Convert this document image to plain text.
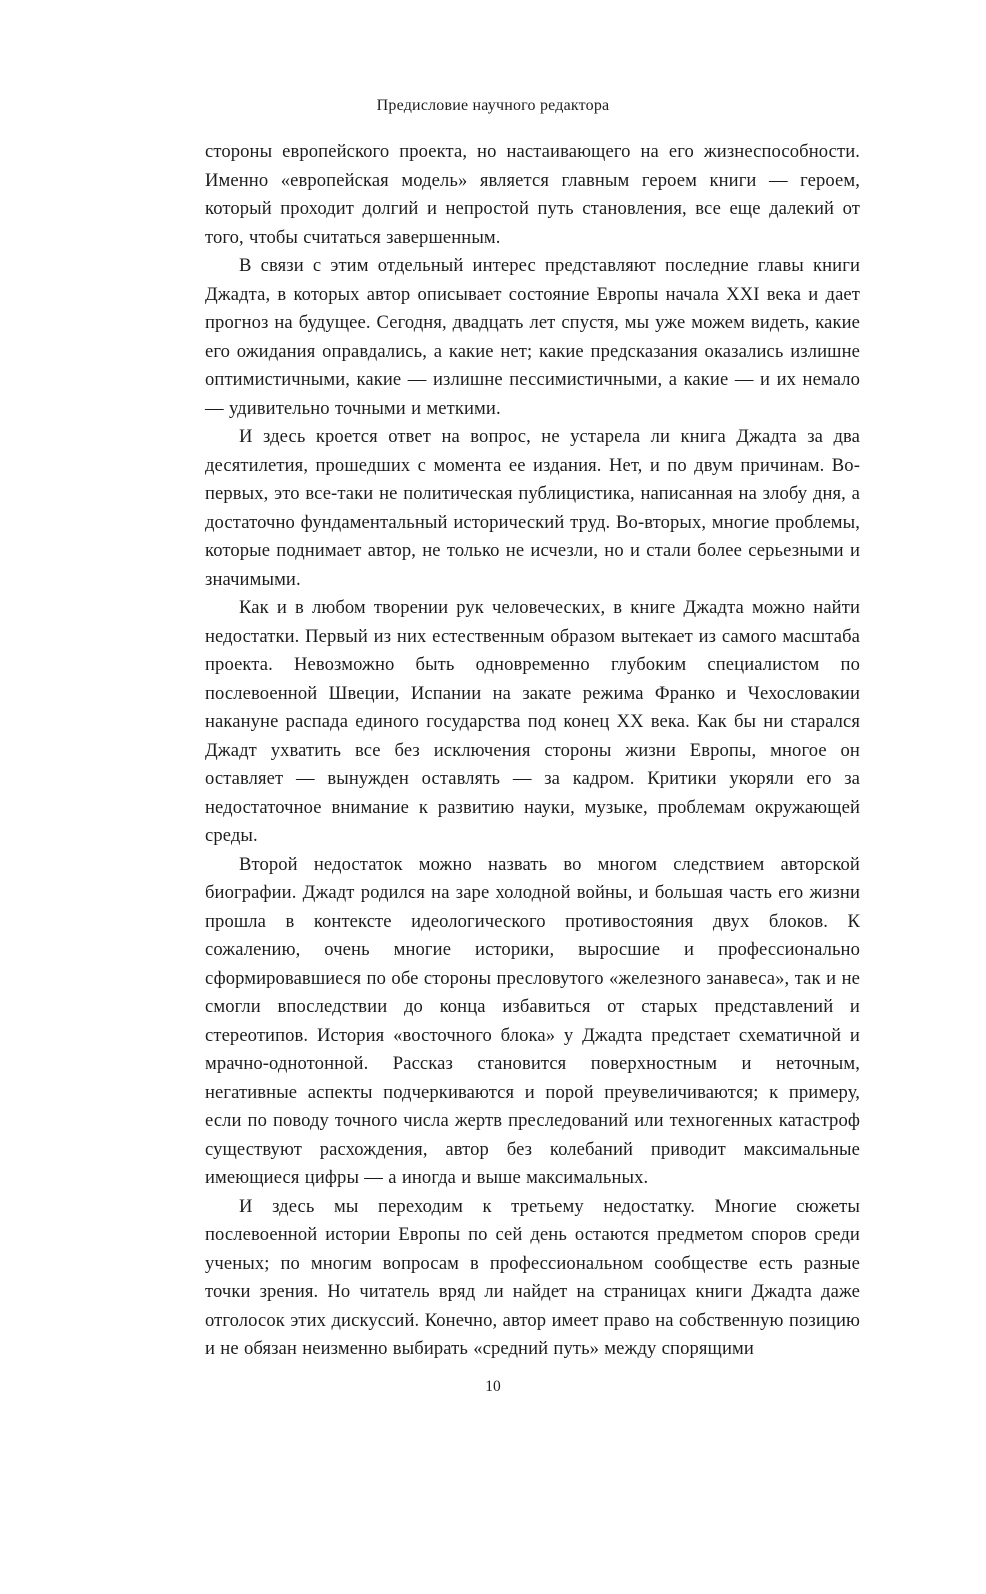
Предисловие научного редактора

стороны европейского проекта, но настаивающего на его жизнеспособности. Именно «европейская модель» является главным героем книги — героем, который проходит долгий и непростой путь становления, все еще далекий от того, чтобы считаться завершенным.

В связи с этим отдельный интерес представляют последние главы книги Джадта, в которых автор описывает состояние Европы начала XXI века и дает прогноз на будущее. Сегодня, двадцать лет спустя, мы уже можем видеть, какие его ожидания оправдались, а какие нет; какие предсказания оказались излишне оптимистичными, какие — излишне пессимистичными, а какие — и их немало — удивительно точными и меткими.

И здесь кроется ответ на вопрос, не устарела ли книга Джадта за два десятилетия, прошедших с момента ее издания. Нет, и по двум причинам. Во-первых, это все-таки не политическая публицистика, написанная на злобу дня, а достаточно фундаментальный исторический труд. Во-вторых, многие проблемы, которые поднимает автор, не только не исчезли, но и стали более серьезными и значимыми.

Как и в любом творении рук человеческих, в книге Джадта можно найти недостатки. Первый из них естественным образом вытекает из самого масштаба проекта. Невозможно быть одновременно глубоким специалистом по послевоенной Швеции, Испании на закате режима Франко и Чехословакии накануне распада единого государства под конец XX века. Как бы ни старался Джадт ухватить все без исключения стороны жизни Европы, многое он оставляет — вынужден оставлять — за кадром. Критики укоряли его за недостаточное внимание к развитию науки, музыке, проблемам окружающей среды.

Второй недостаток можно назвать во многом следствием авторской биографии. Джадт родился на заре холодной войны, и большая часть его жизни прошла в контексте идеологического противостояния двух блоков. К сожалению, очень многие историки, выросшие и профессионально сформировавшиеся по обе стороны пресловутого «железного занавеса», так и не смогли впоследствии до конца избавиться от старых представлений и стереотипов. История «восточного блока» у Джадта предстает схематичной и мрачно-однотонной. Рассказ становится поверхностным и неточным, негативные аспекты подчеркиваются и порой преувеличиваются; к примеру, если по поводу точного числа жертв преследований или техногенных катастроф существуют расхождения, автор без колебаний приводит максимальные имеющиеся цифры — а иногда и выше максимальных.

И здесь мы переходим к третьему недостатку. Многие сюжеты послевоенной истории Европы по сей день остаются предметом споров среди ученых; по многим вопросам в профессиональном сообществе есть разные точки зрения. Но читатель вряд ли найдет на страницах книги Джадта даже отголосок этих дискуссий. Конечно, автор имеет право на собственную позицию и не обязан неизменно выбирать «средний путь» между спорящими

10
